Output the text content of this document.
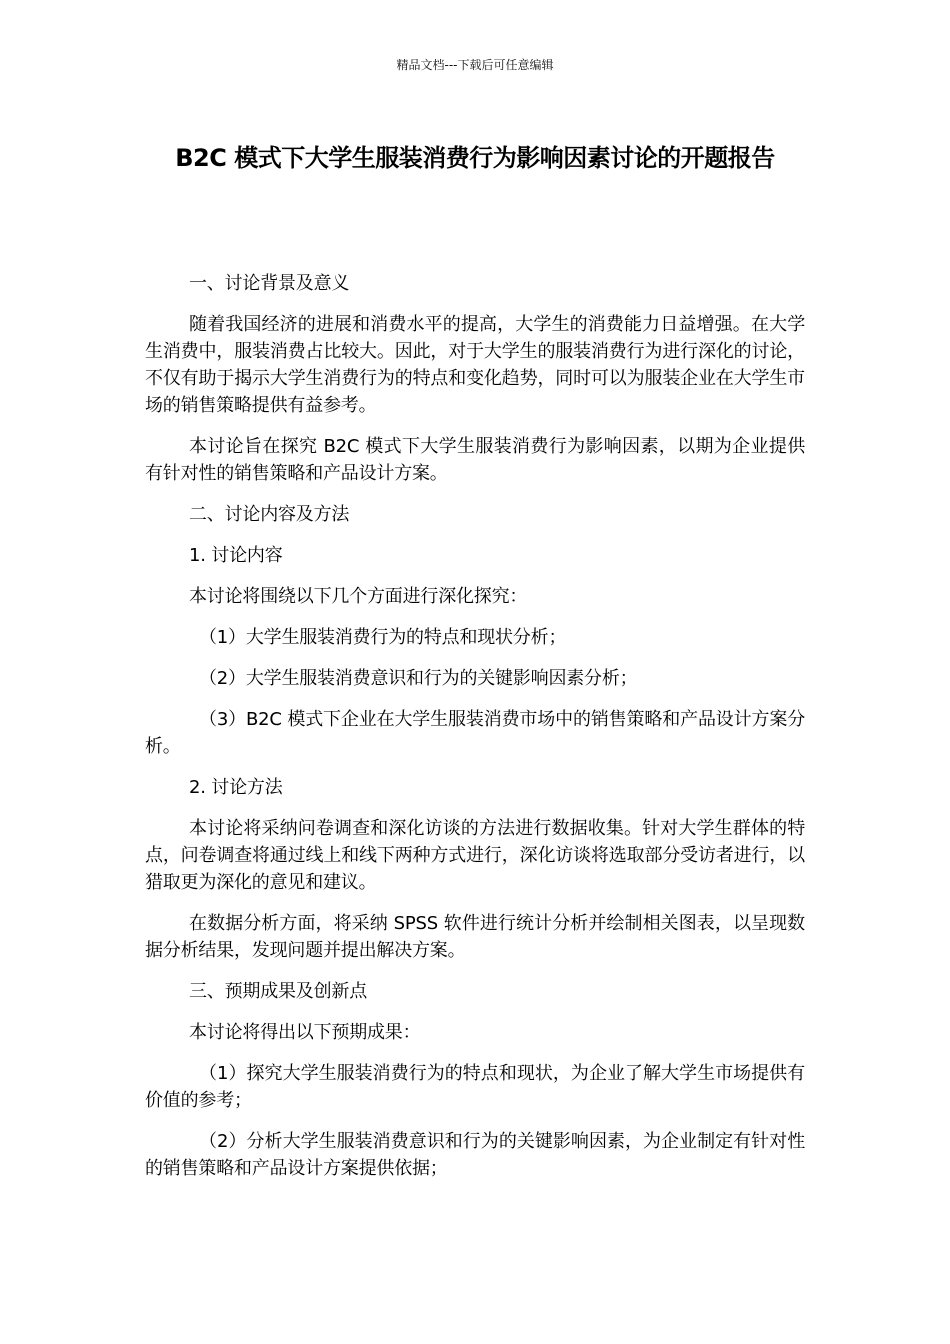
精品文档---下载后可任意编辑
B2C 模式下大学生服装消费行为影响因素讨论的开题报告

一、讨论背景及意义

随着我国经济的进展和消费水平的提高，大学生的消费能力日益增强。在大学生消费中，服装消费占比较大。因此，对于大学生的服装消费行为进行深化的讨论，不仅有助于揭示大学生消费行为的特点和变化趋势，同时可以为服装企业在大学生市场的销售策略提供有益参考。

本讨论旨在探究 B2C 模式下大学生服装消费行为影响因素，以期为企业提供有针对性的销售策略和产品设计方案。

二、讨论内容及方法

1. 讨论内容

本讨论将围绕以下几个方面进行深化探究：

（1）大学生服装消费行为的特点和现状分析；

（2）大学生服装消费意识和行为的关键影响因素分析；

（3）B2C 模式下企业在大学生服装消费市场中的销售策略和产品设计方案分析。

2. 讨论方法

本讨论将采纳问卷调查和深化访谈的方法进行数据收集。针对大学生群体的特点，问卷调查将通过线上和线下两种方式进行，深化访谈将选取部分受访者进行，以猎取更为深化的意见和建议。

在数据分析方面，将采纳 SPSS 软件进行统计分析并绘制相关图表，以呈现数据分析结果，发现问题并提出解决方案。

三、预期成果及创新点

本讨论将得出以下预期成果：

（1）探究大学生服装消费行为的特点和现状，为企业了解大学生市场提供有价值的参考；

（2）分析大学生服装消费意识和行为的关键影响因素，为企业制定有针对性的销售策略和产品设计方案提供依据；
